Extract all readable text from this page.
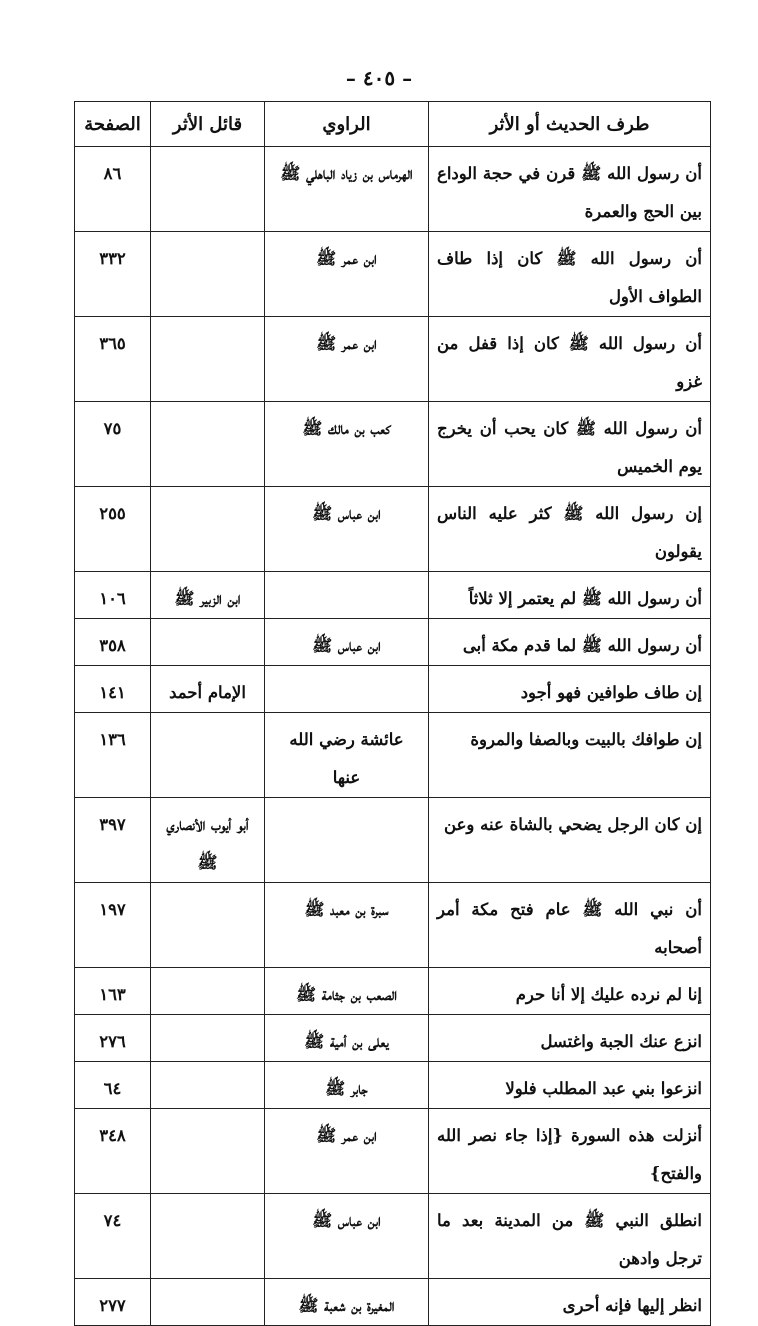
– ٤٠٥ –
طرف الحديث أو الأثر	الراوي	قائل الأثر	الصفحة
أن رسول الله ﷺ قرن في حجة الوداع بين الحج والعمرة	الهرماس بن زياد الباهلي ﷺ		٨٦
أن رسول الله ﷺ كان إذا طاف الطواف الأول	ابن عمر ﷺ		٣٣٢
أن رسول الله ﷺ كان إذا قفل من غزو	ابن عمر ﷺ		٣٦٥
أن رسول الله ﷺ كان يحب أن يخرج يوم الخميس	كعب بن مالك ﷺ		٧٥
إن رسول الله ﷺ كثر عليه الناس يقولون	ابن عباس ﷺ		٢٥٥
أن رسول الله ﷺ لم يعتمر إلا ثلاثاً		ابن الزبير ﷺ	١٠٦
أن رسول الله ﷺ لما قدم مكة أبى	ابن عباس ﷺ		٣٥٨
إن طاف طوافين فهو أجود		الإمام أحمد	١٤١
إن طوافك بالبيت وبالصفا والمروة	عائشة رضي الله عنها		١٣٦
إن كان الرجل يضحي بالشاة عنه وعن		أبو أيوب الأنصاري ﷺ	٣٩٧
أن نبي الله ﷺ عام فتح مكة أمر أصحابه	سبرة بن معبد ﷺ		١٩٧
إنا لم نرده عليك إلا أنا حرم	الصعب بن جثامة ﷺ		١٦٣
انزع عنك الجبة واغتسل	يعلى بن أمية ﷺ		٢٧٦
انزعوا بني عبد المطلب فلولا	جابر ﷺ		٦٤
أنزلت هذه السورة {إذا جاء نصر الله والفتح}	ابن عمر ﷺ		٣٤٨
انطلق النبي ﷺ من المدينة بعد ما ترجل وادهن	ابن عباس ﷺ		٧٤
انظر إليها فإنه أحرى	المغيرة بن شعبة ﷺ		٢٧٧
